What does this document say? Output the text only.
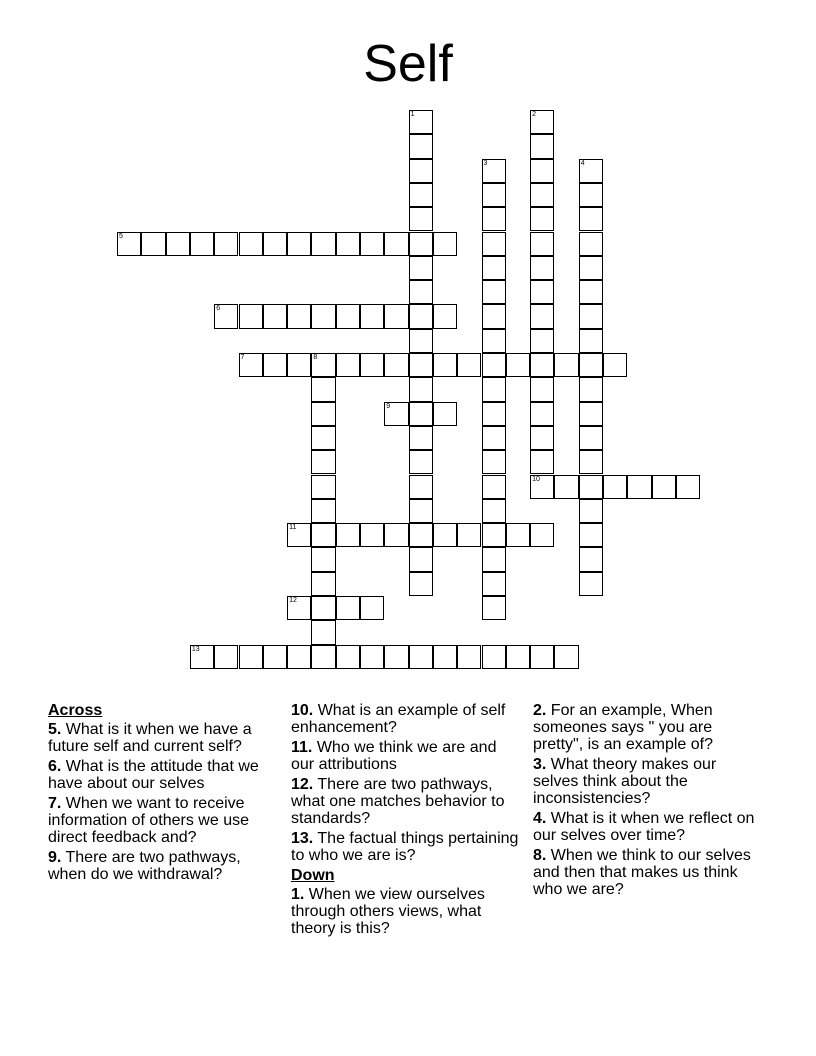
Self
1	2
3	4
5
6
7	8
9
10
11
12
13
Across
5. What is it when we have a future self and current self?
6. What is the attitude that we have about our selves
7. When we want to receive information of others we use direct feedback and?
9. There are two pathways, when do we withdrawal?
10. What is an example of self enhancement?
11. Who we think we are and our attributions
12. There are two pathways, what one matches behavior to standards?
13. The factual things pertaining to who we are is?
Down
1. When we view ourselves through others views, what theory is this?
2. For an example, When someones says " you are pretty", is an example of?
3. What theory makes our selves think about the inconsistencies?
4. What is it when we reflect on our selves over time?
8. When we think to our selves and then that makes us think who we are?
